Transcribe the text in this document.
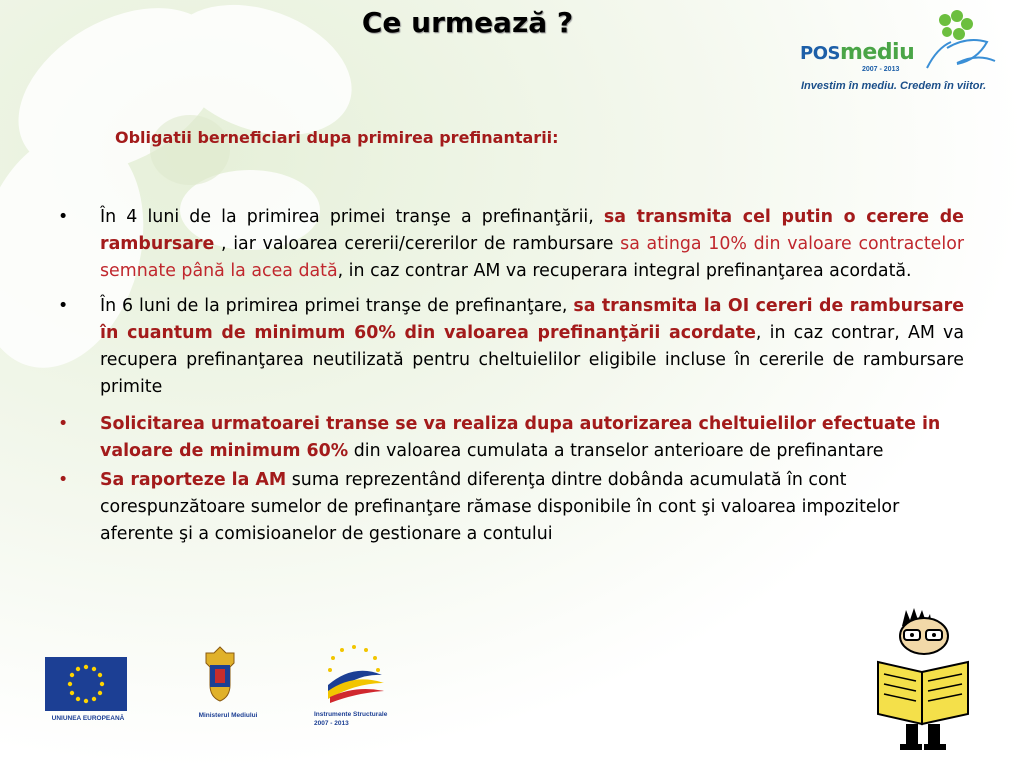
Ce urmează ?
POSmediu
2007 - 2013
Investim în mediu. Credem în viitor.
Obligatii berneficiari dupa primirea prefinantarii:
•	În 4 luni de la primirea primei tranşe a prefinanţării, sa transmita cel putin o cerere de rambursare , iar valoarea cererii/cererilor de rambursare sa atinga 10% din valoare contractelor semnate până la acea dată, in caz contrar AM va recuperara integral prefinanţarea acordată.
•	În 6 luni de la primirea primei tranşe de prefinanţare, sa transmita la OI cereri de rambursare în cuantum de minimum 60% din valoarea prefinanţării acordate, in caz contrar, AM va recupera prefinanţarea neutilizată pentru cheltuielilor eligibile incluse în cererile de rambursare primite
•	Solicitarea urmatoarei transe se va realiza dupa autorizarea cheltuielilor efectuate in valoare de minimum 60% din valoarea cumulata a transelor anterioare de prefinantare
•	Sa raporteze la AM suma reprezentând diferenţa dintre dobânda acumulată în cont corespunzătoare sumelor de prefinanţare rămase disponibile în cont şi valoarea impozitelor aferente şi a comisioanelor de gestionare a contului
UNIUNEA EUROPEANĂ	Ministerul Mediului	Instrumente Structurale
2007 - 2013
